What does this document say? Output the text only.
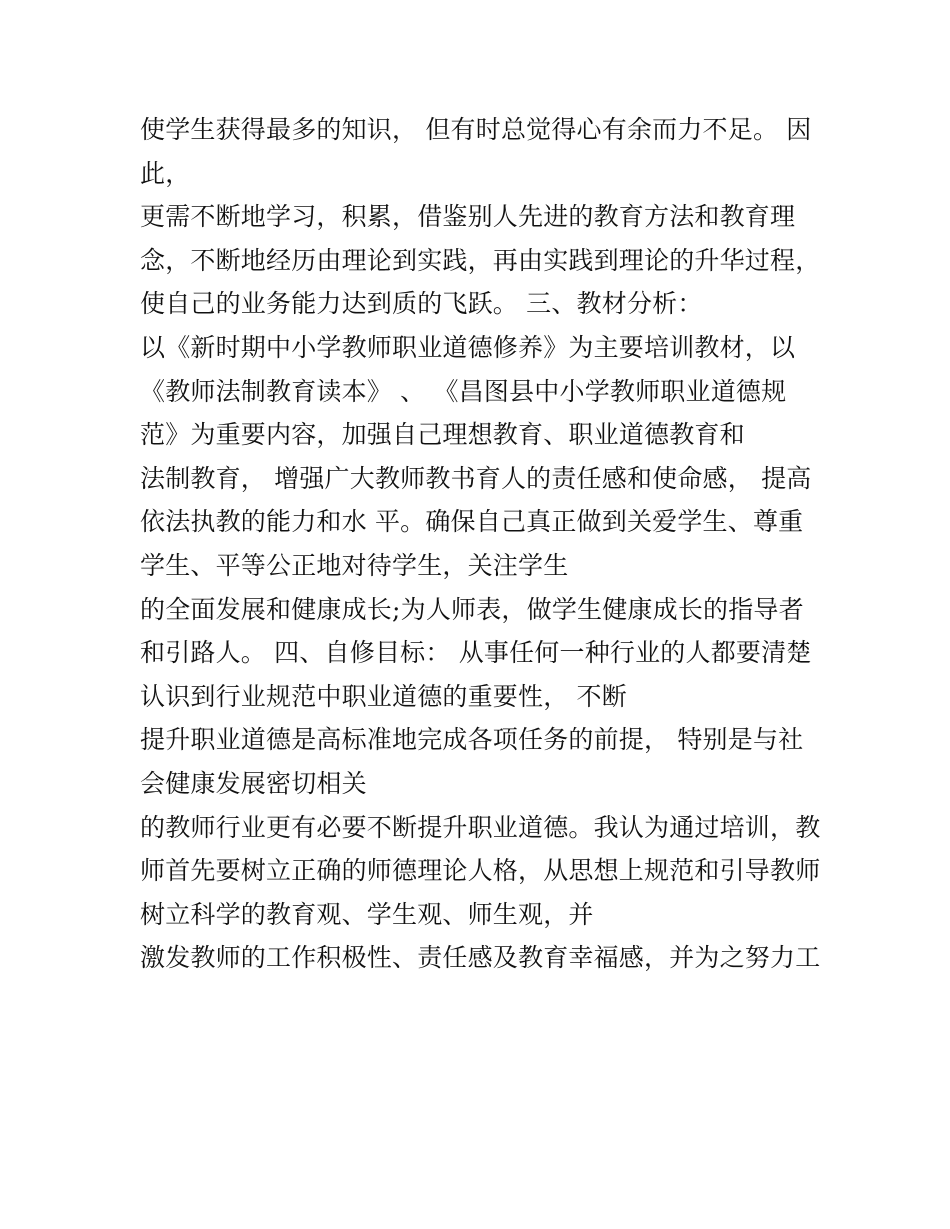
使学生获得最多的知识， 但有时总觉得心有余而力不足。 因
此，
更需不断地学习，积累，借鉴别人先进的教育方法和教育理
念，不断地经历由理论到实践，再由实践到理论的升华过程，
使自己的业务能力达到质的飞跃。 三、教材分析：
以《新时期中小学教师职业道德修养》为主要培训教材，以
《教师法制教育读本》 、 《昌图县中小学教师职业道德规
范》为重要内容，加强自己理想教育、职业道德教育和
法制教育， 增强广大教师教书育人的责任感和使命感， 提高
依法执教的能力和水 平。确保自己真正做到关爱学生、尊重
学生、平等公正地对待学生，关注学生
的全面发展和健康成长;为人师表，做学生健康成长的指导者
和引路人。 四、自修目标： 从事任何一种行业的人都要清楚
认识到行业规范中职业道德的重要性， 不断
提升职业道德是高标准地完成各项任务的前提， 特别是与社
会健康发展密切相关
的教师行业更有必要不断提升职业道德。我认为通过培训，教
师首先要树立正确的师德理论人格，从思想上规范和引导教师
树立科学的教育观、学生观、师生观，并
激发教师的工作积极性、责任感及教育幸福感，并为之努力工
